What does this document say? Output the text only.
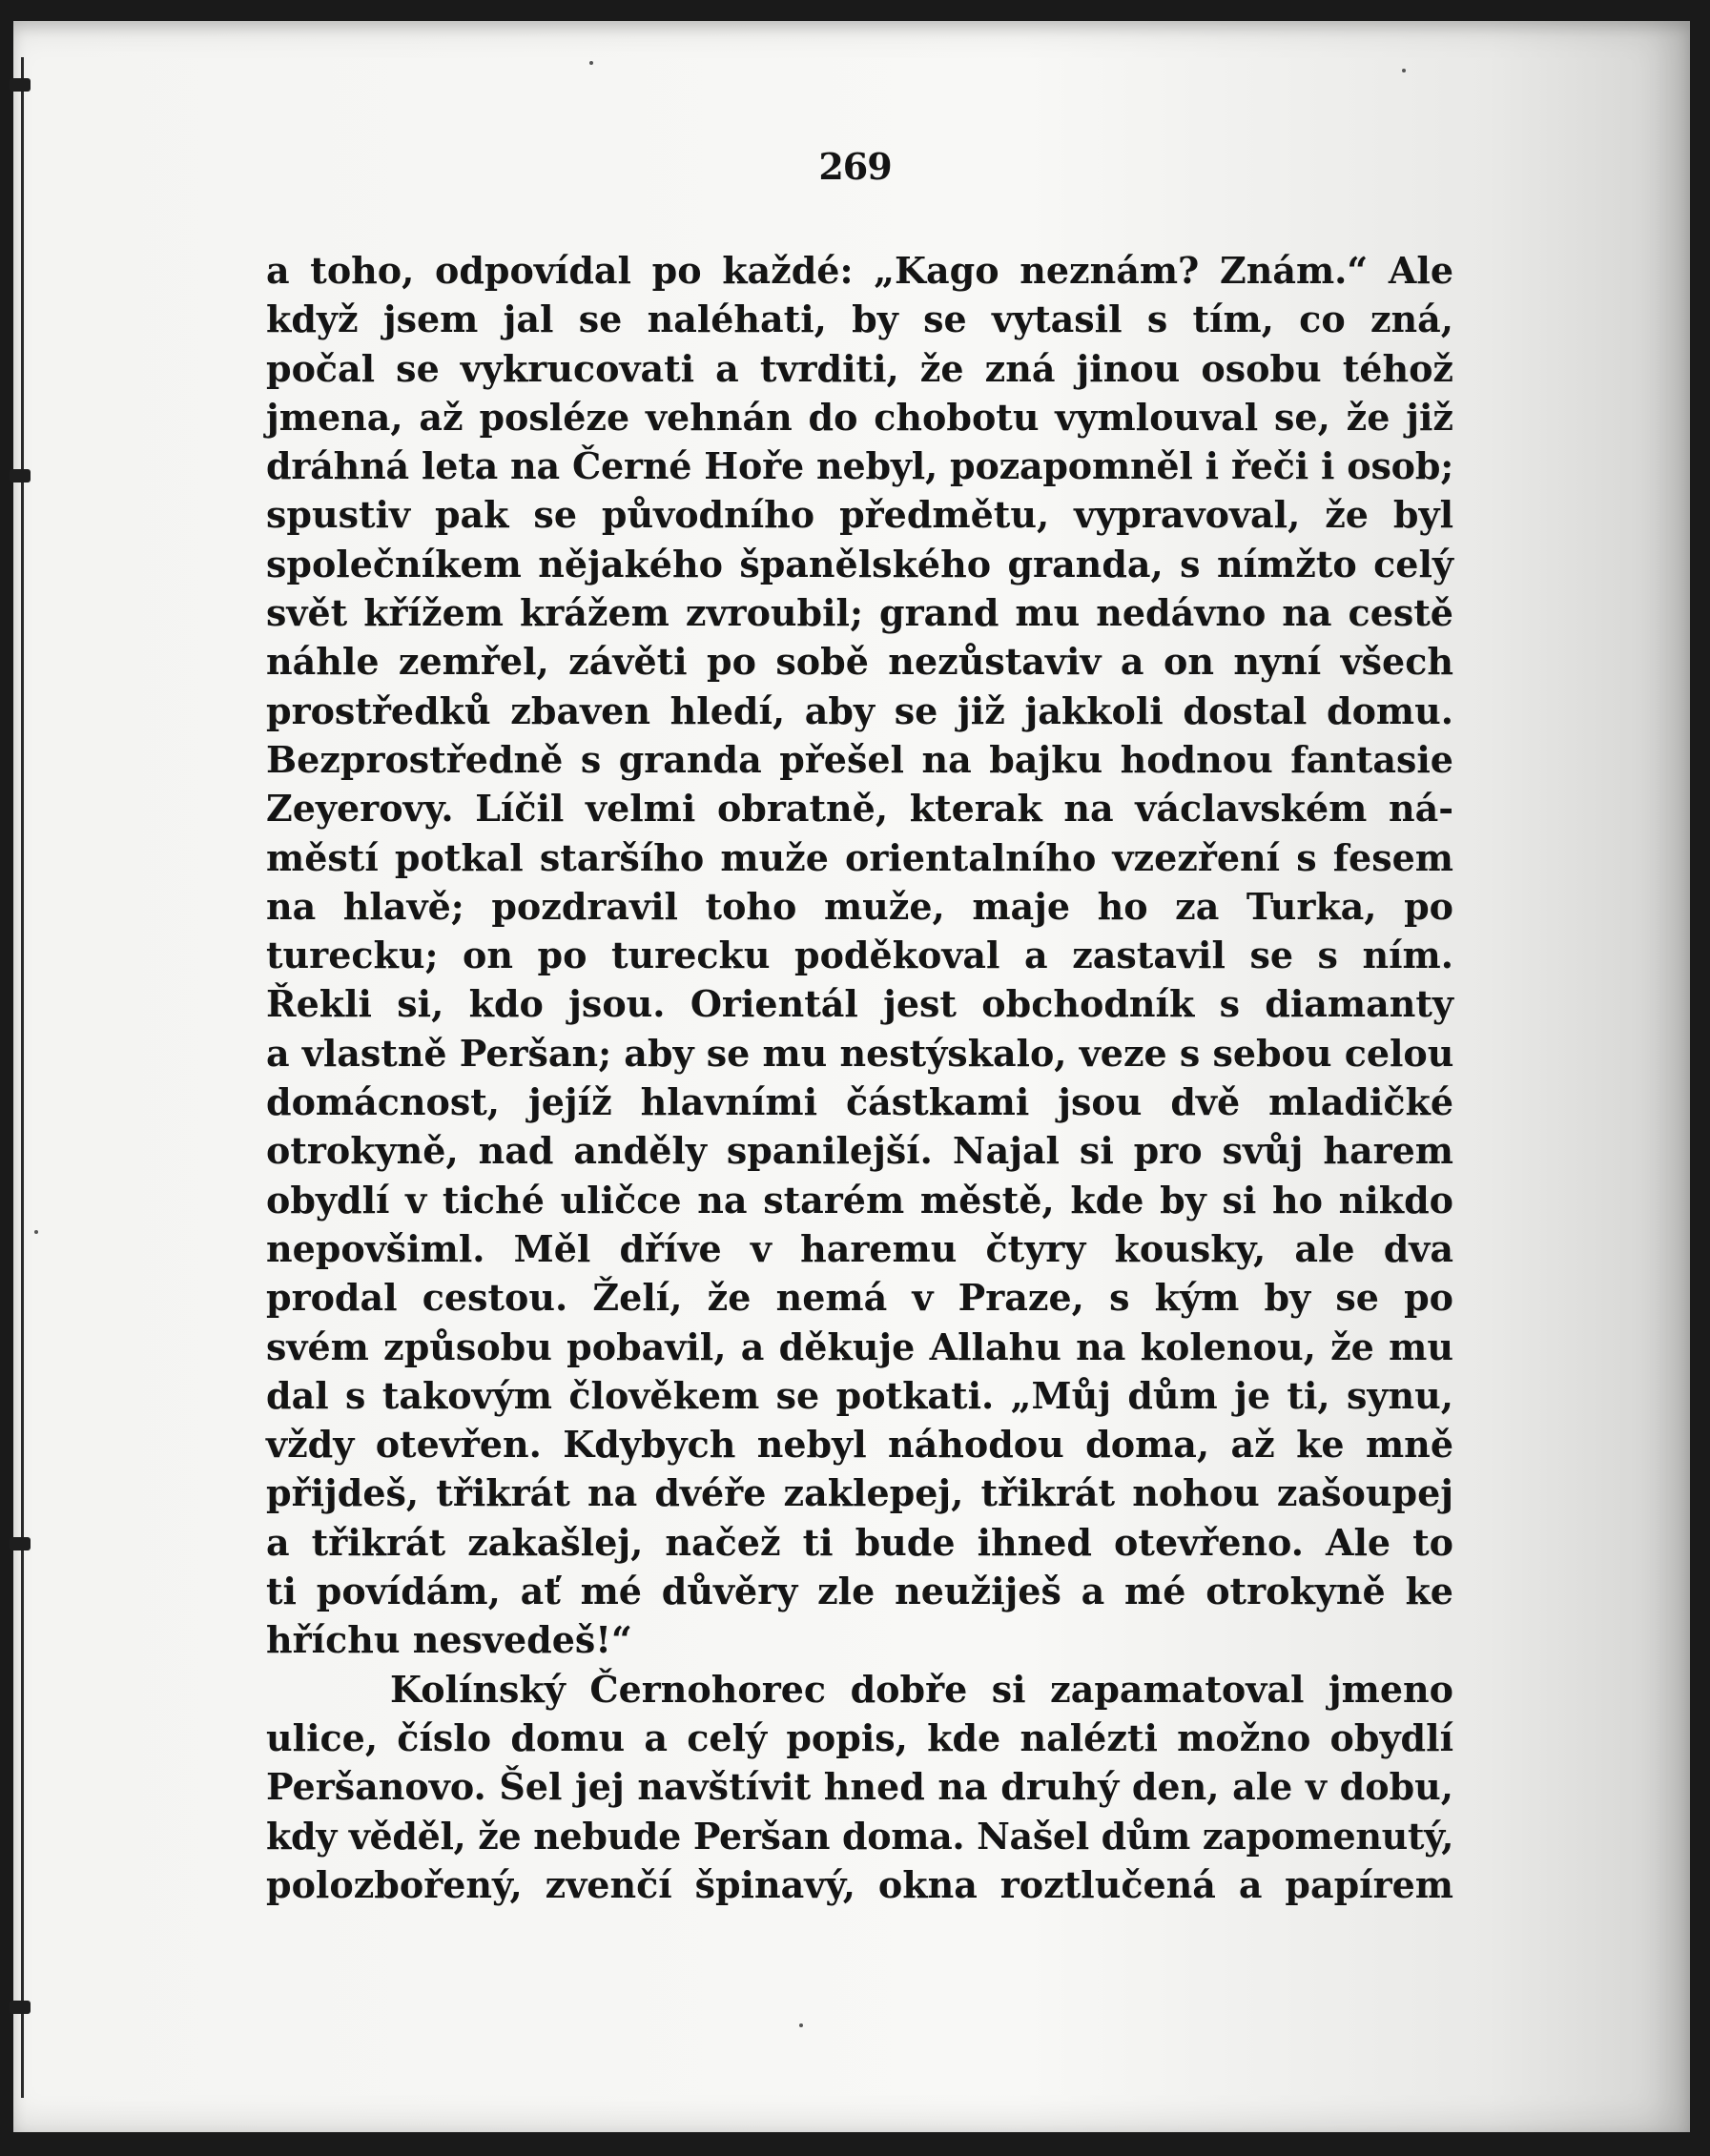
269
a toho, odpovídal po každé: „Kago neznám? Znám.“ Ale
když jsem jal se naléhati, by se vytasil s tím, co zná,
počal se vykrucovati a tvrditi, že zná jinou osobu téhož
jmena, až posléze vehnán do chobotu vymlouval se, že již
dráhná leta na Černé Hoře nebyl, pozapomněl i řeči i osob;
spustiv pak se původního předmětu, vypravoval, že byl
společníkem nějakého španělského granda, s nímžto celý
svět křížem krážem zvroubil; grand mu nedávno na cestě
náhle zemřel, závěti po sobě nezůstaviv a on nyní všech
prostředků zbaven hledí, aby se již jakkoli dostal domu.
Bezprostředně s granda přešel na bajku hodnou fantasie
Zeyerovy. Líčil velmi obratně, kterak na václavském ná-
městí potkal staršího muže orientalního vzezření s fesem
na hlavě; pozdravil toho muže, maje ho za Turka, po
turecku; on po turecku poděkoval a zastavil se s ním.
Řekli si, kdo jsou. Orientál jest obchodník s diamanty
a vlastně Peršan; aby se mu nestýskalo, veze s sebou celou
domácnost, jejíž hlavními částkami jsou dvě mladičké
otrokyně, nad anděly spanilejší. Najal si pro svůj harem
obydlí v tiché uličce na starém městě, kde by si ho nikdo
nepovšiml. Měl dříve v haremu čtyry kousky, ale dva
prodal cestou. Želí, že nemá v Praze, s kým by se po
svém způsobu pobavil, a děkuje Allahu na kolenou, že mu
dal s takovým člověkem se potkati. „Můj dům je ti, synu,
vždy otevřen. Kdybych nebyl náhodou doma, až ke mně
přijdeš, třikrát na dvéře zaklepej, třikrát nohou zašoupej
a třikrát zakašlej, načež ti bude ihned otevřeno. Ale to
ti povídám, ať mé důvěry zle neužiješ a mé otrokyně ke
hříchu nesvedeš!“
Kolínský Černohorec dobře si zapamatoval jmeno
ulice, číslo domu a celý popis, kde nalézti možno obydlí
Peršanovo. Šel jej navštívit hned na druhý den, ale v dobu,
kdy věděl, že nebude Peršan doma. Našel dům zapomenutý,
polozbořený, zvenčí špinavý, okna roztlučená a papírem
